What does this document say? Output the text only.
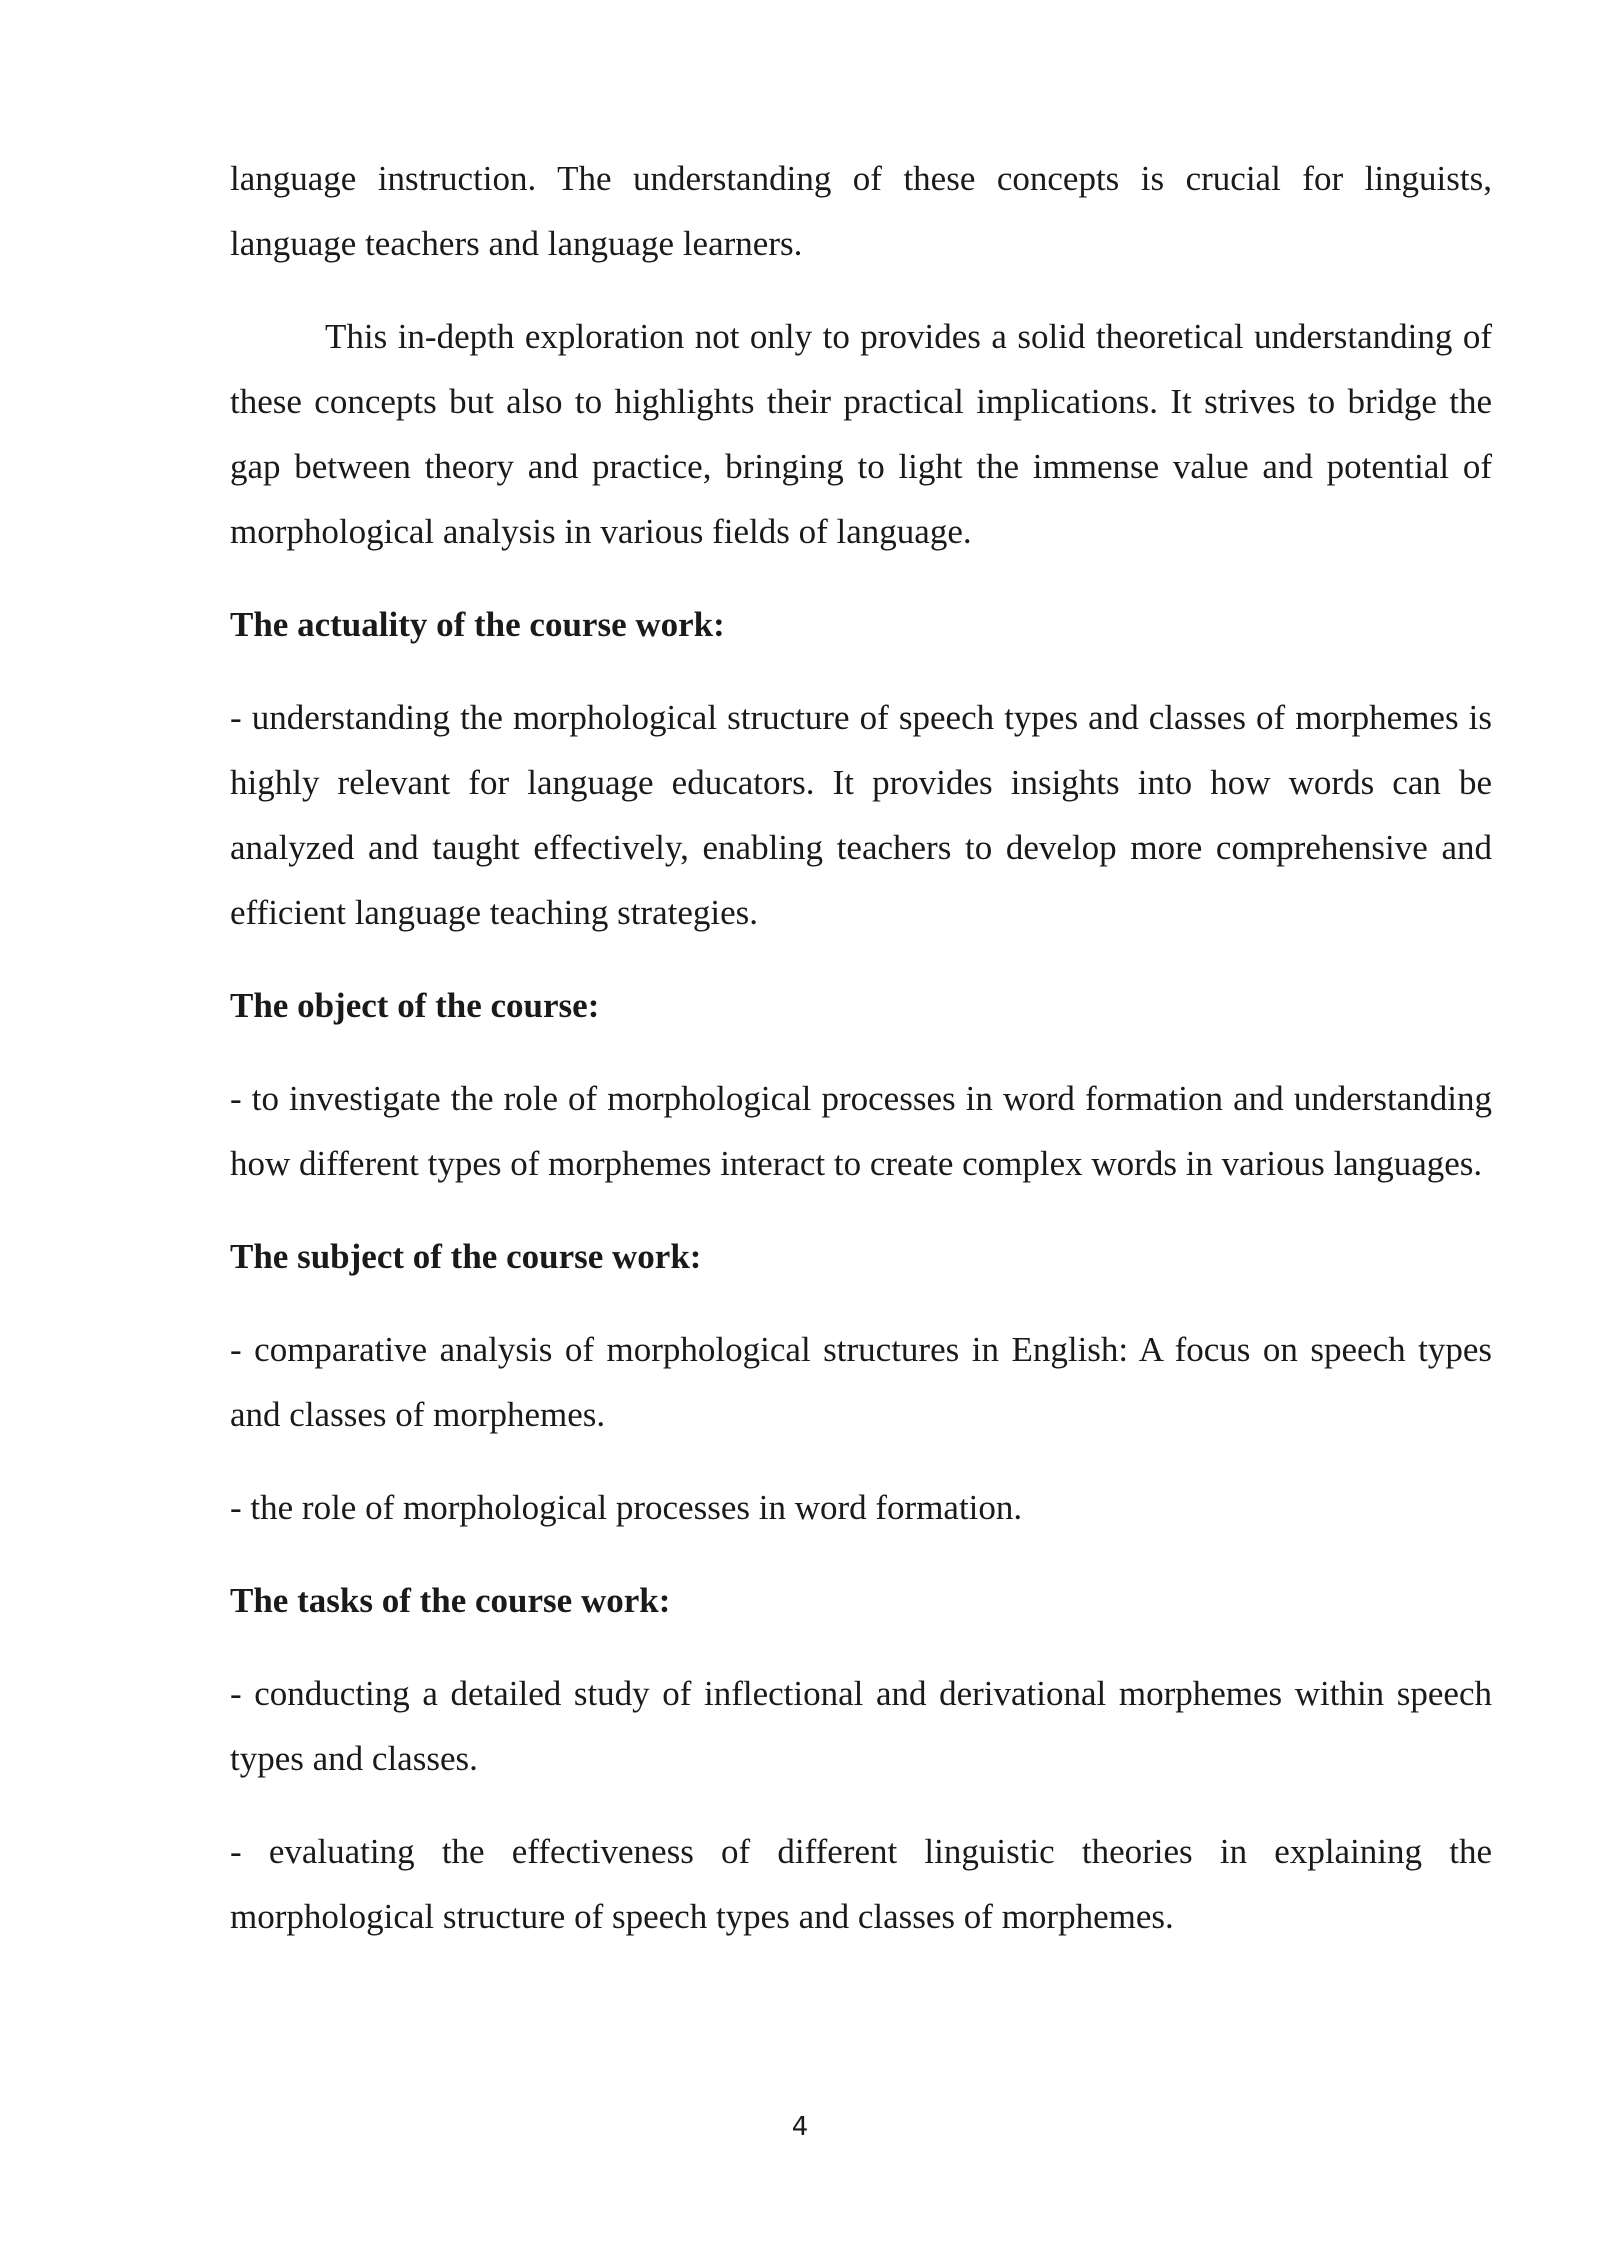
language instruction. The understanding of these concepts is crucial for linguists, language teachers and language learners.

This in-depth exploration not only to provides a solid theoretical understanding of these concepts but also to highlights their practical implications. It strives to bridge the gap between theory and practice, bringing to light the immense value and potential of morphological analysis in various fields of language.

The actuality of the course work:

- understanding the morphological structure of speech types and classes of morphemes is highly relevant for language educators. It provides insights into how words can be analyzed and taught effectively, enabling teachers to develop more comprehensive and efficient language teaching strategies.

The object of the course:

- to investigate the role of morphological processes in word formation and understanding how different types of morphemes interact to create complex words in various languages.

The subject of the course work:

- comparative analysis of morphological structures in English: A focus on speech types and classes of morphemes.

- the role of morphological processes in word formation.

The tasks of the course work:

- conducting a detailed study of inflectional and derivational morphemes within speech types and classes.

- evaluating the effectiveness of different linguistic theories in explaining the morphological structure of speech types and classes of morphemes.

4
